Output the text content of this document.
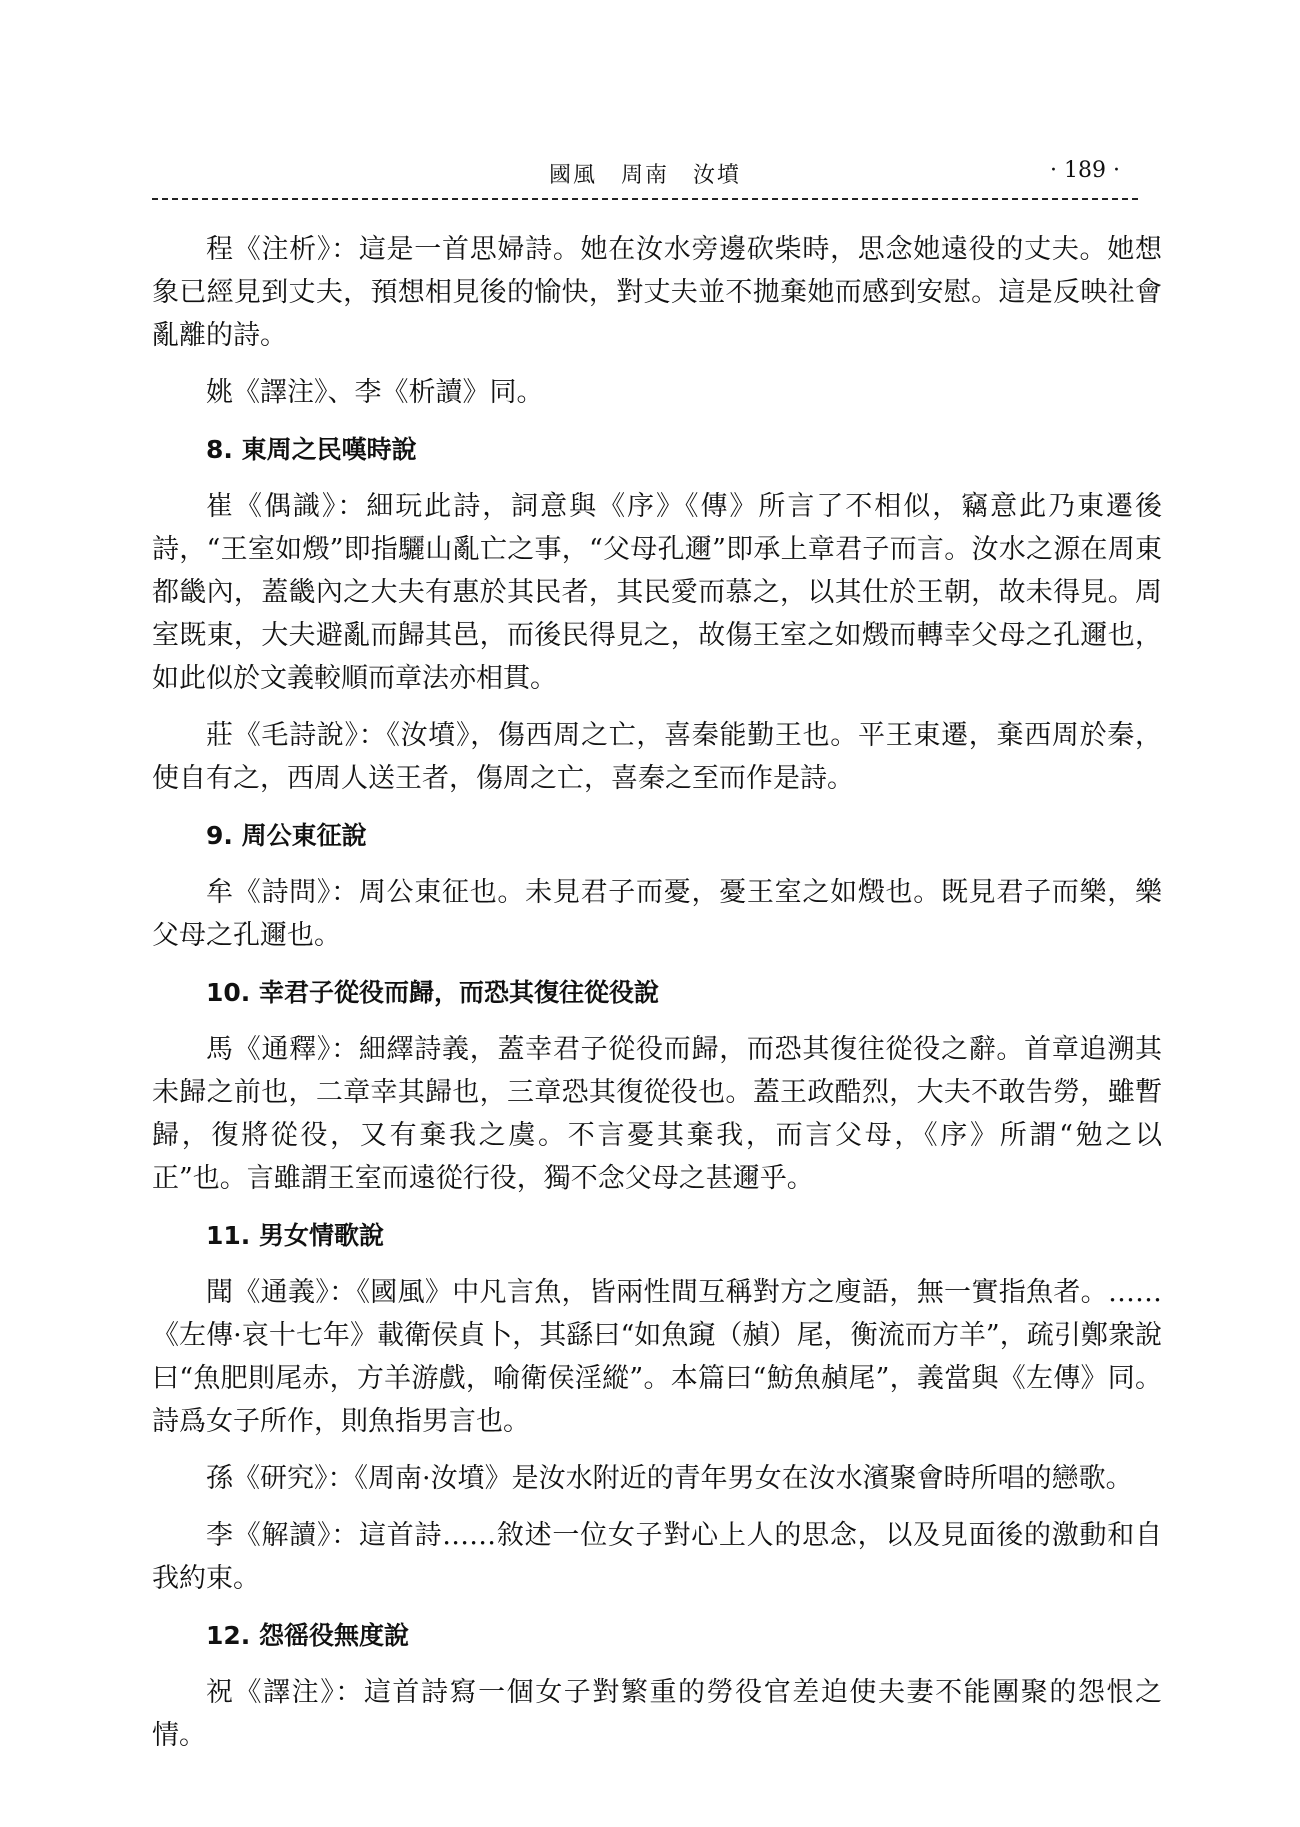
國風　周南　汝墳	· 189 ·

程《注析》：這是一首思婦詩。她在汝水旁邊砍柴時，思念她遠役的丈夫。她想象已經見到丈夫，預想相見後的愉快，對丈夫並不拋棄她而感到安慰。這是反映社會亂離的詩。

姚《譯注》、李《析讀》同。

8. 東周之民嘆時說

崔《偶識》：細玩此詩，詞意與《序》《傳》所言了不相似，竊意此乃東遷後詩，“王室如燬”即指驪山亂亡之事，“父母孔邇”即承上章君子而言。汝水之源在周東都畿內，蓋畿內之大夫有惠於其民者，其民愛而慕之，以其仕於王朝，故未得見。周室既東，大夫避亂而歸其邑，而後民得見之，故傷王室之如燬而轉幸父母之孔邇也，如此似於文義較順而章法亦相貫。

莊《毛詩說》：《汝墳》，傷西周之亡，喜秦能勤王也。平王東遷，棄西周於秦，使自有之，西周人送王者，傷周之亡，喜秦之至而作是詩。

9. 周公東征說

牟《詩問》：周公東征也。未見君子而憂，憂王室之如燬也。既見君子而樂，樂父母之孔邇也。

10. 幸君子從役而歸，而恐其復往從役說

馬《通釋》：細繹詩義，蓋幸君子從役而歸，而恐其復往從役之辭。首章追溯其未歸之前也，二章幸其歸也，三章恐其復從役也。蓋王政酷烈，大夫不敢告勞，雖暫歸，復將從役，又有棄我之虞。不言憂其棄我，而言父母，《序》所謂“勉之以正”也。言雖謂王室而遠從行役，獨不念父母之甚邇乎。

11. 男女情歌說

聞《通義》：《國風》中凡言魚，皆兩性間互稱對方之廋語，無一實指魚者。……《左傳·哀十七年》載衛侯貞卜，其繇曰“如魚竀（赬）尾，衡流而方羊”，疏引鄭衆說曰“魚肥則尾赤，方羊游戲，喻衛侯淫縱”。本篇曰“魴魚赬尾”，義當與《左傳》同。詩爲女子所作，則魚指男言也。

孫《研究》：《周南·汝墳》是汝水附近的青年男女在汝水濱聚會時所唱的戀歌。

李《解讀》：這首詩……敘述一位女子對心上人的思念，以及見面後的激動和自我約束。

12. 怨徭役無度說

祝《譯注》：這首詩寫一個女子對繁重的勞役官差迫使夫妻不能團聚的怨恨之情。
